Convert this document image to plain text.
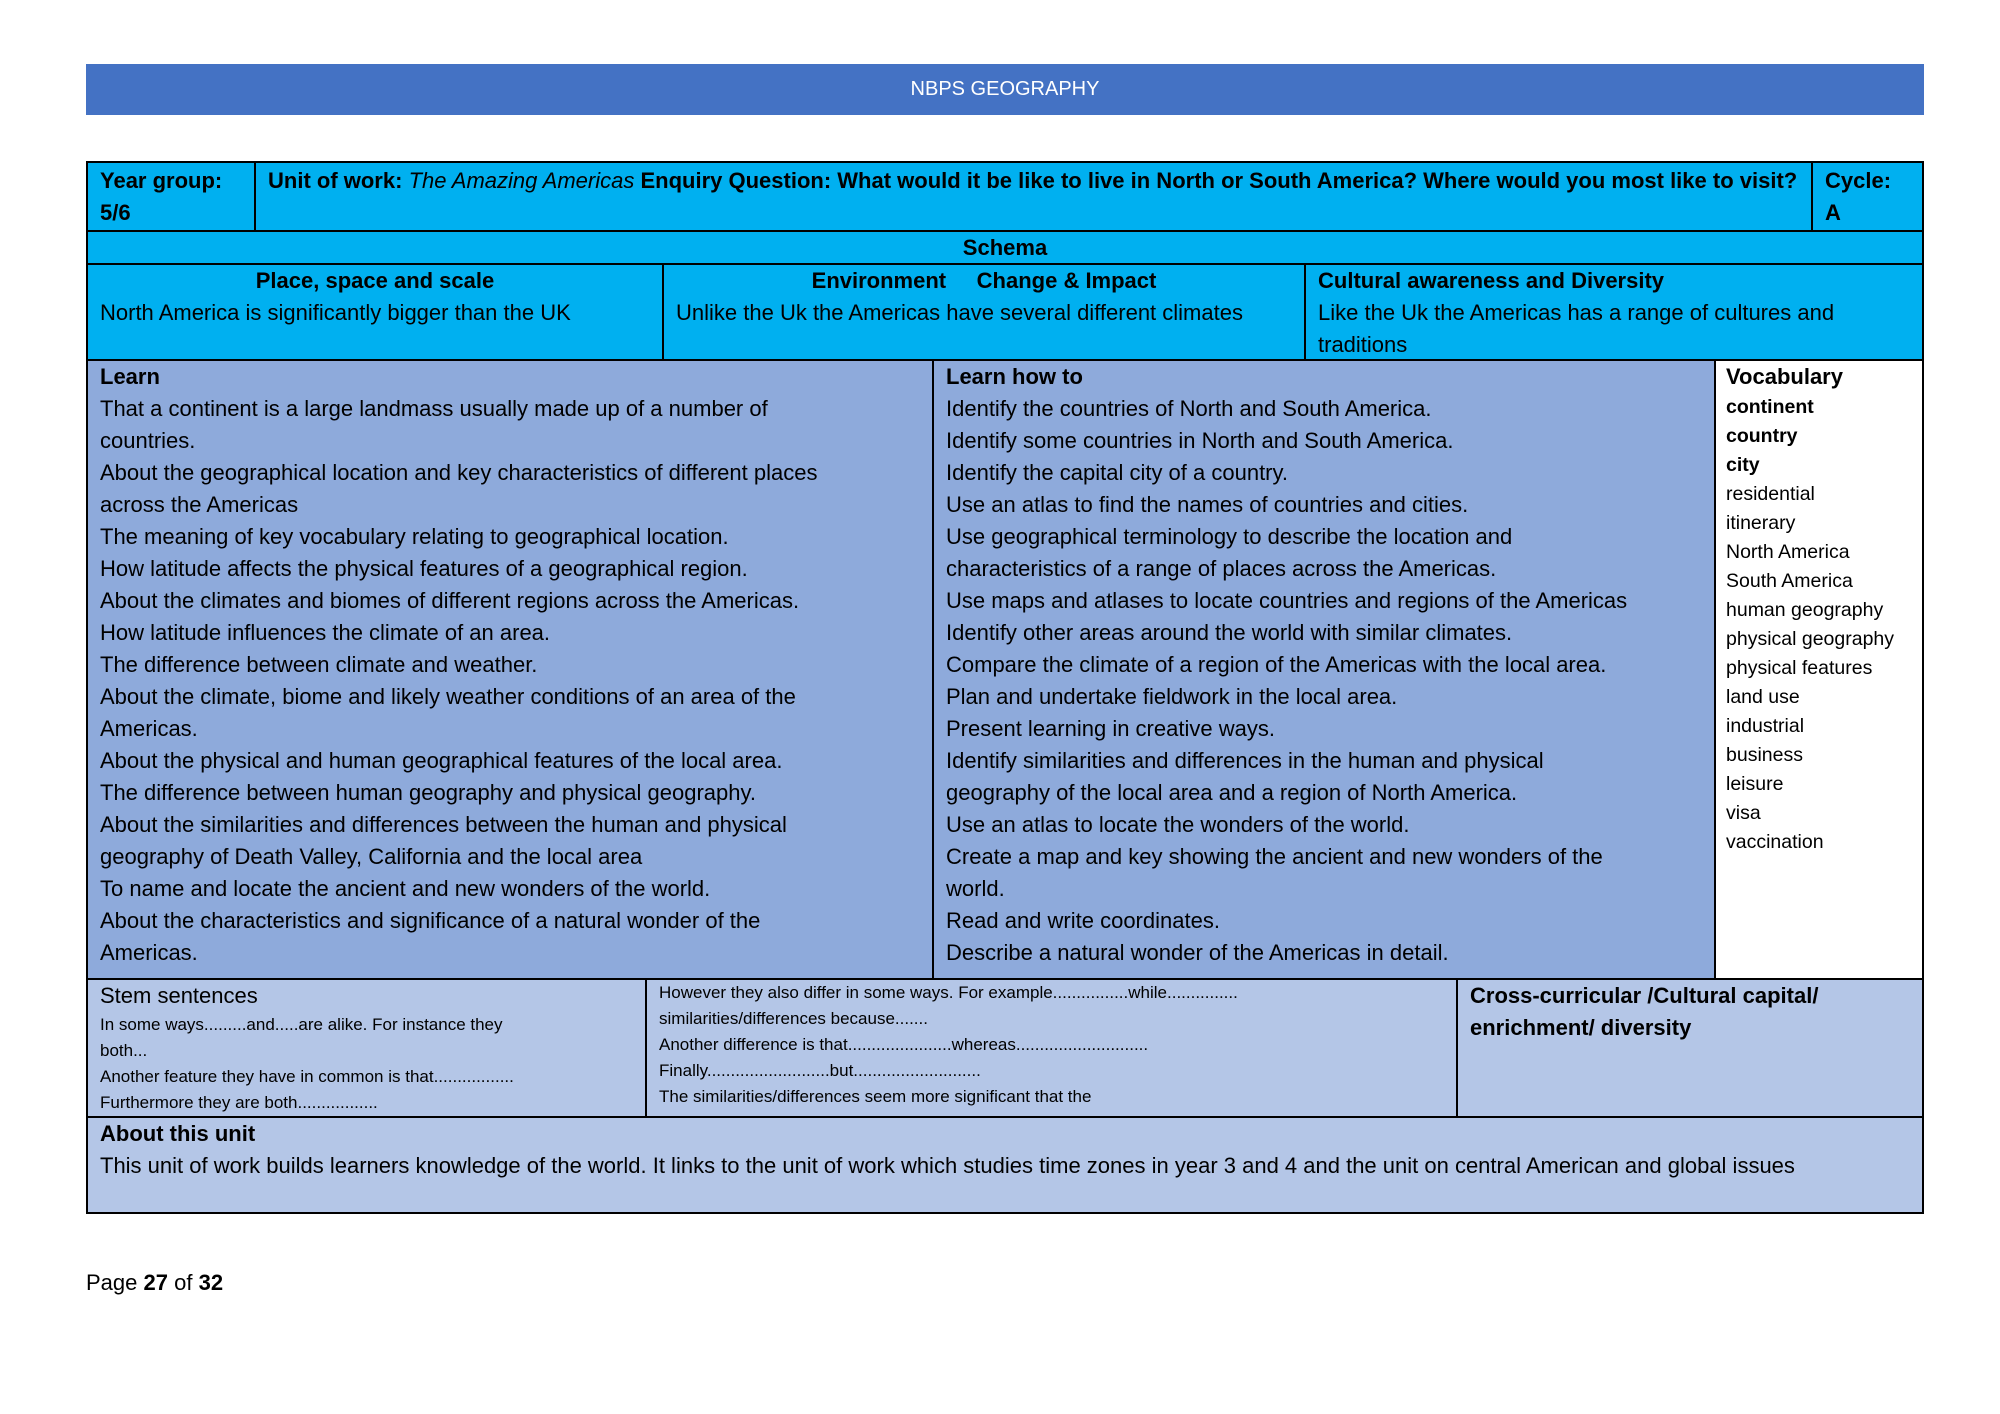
NBPS GEOGRAPHY
Year group:
5/6
Unit of work: The Amazing Americas Enquiry Question: What would it be like to live in North or South America? Where would you most like to visit?	Cycle:
A
Schema
Place, space and scale
North America is significantly bigger than the UK
Environment     Change & Impact
Unlike the Uk the Americas have several different climates
Cultural awareness and Diversity
Like the Uk the Americas has a range of cultures and traditions
Learn
That a continent is a large landmass usually made up of a number of
countries.
About the geographical location and key characteristics of different places
across the Americas
The meaning of key vocabulary relating to geographical location.
How latitude affects the physical features of a geographical region.
About the climates and biomes of different regions across the Americas.
How latitude influences the climate of an area.
The difference between climate and weather.
About the climate, biome and likely weather conditions of an area of the
Americas.
About the physical and human geographical features of the local area.
The difference between human geography and physical geography.
About the similarities and differences between the human and physical
geography of Death Valley, California and the local area
To name and locate the ancient and new wonders of the world.
About the characteristics and significance of a natural wonder of the
Americas.
Learn how to
Identify the countries of North and South America.
Identify some countries in North and South America.
Identify the capital city of a country.
Use an atlas to find the names of countries and cities.
Use geographical terminology to describe the location and
characteristics of a range of places across the Americas.
Use maps and atlases to locate countries and regions of the Americas
Identify other areas around the world with similar climates.
Compare the climate of a region of the Americas with the local area.
Plan and undertake fieldwork in the local area.
Present learning in creative ways.
Identify similarities and differences in the human and physical
geography of the local area and a region of North America.
Use an atlas to locate the wonders of the world.
Create a map and key showing the ancient and new wonders of the
world.
Read and write coordinates.
Describe a natural wonder of the Americas in detail.
Vocabulary
continent
country
city
residential
itinerary
North America
South America
human geography
physical geography
physical features
land use
industrial
business
leisure
visa
vaccination
Stem sentences
In some ways.........and.....are alike. For instance they
both...
Another feature they have in common is that.................
Furthermore they are both.................
However they also differ in some ways. For example................while...............
similarities/differences because.......
Another difference is that......................whereas............................
Finally..........................but...........................
The similarities/differences seem more significant that the
Cross-curricular /Cultural capital/ enrichment/ diversity
About this unit
This unit of work builds learners knowledge of the world. It links to the unit of work which studies time zones in year 3 and 4 and the unit on central American and global issues
Page 27 of 32
